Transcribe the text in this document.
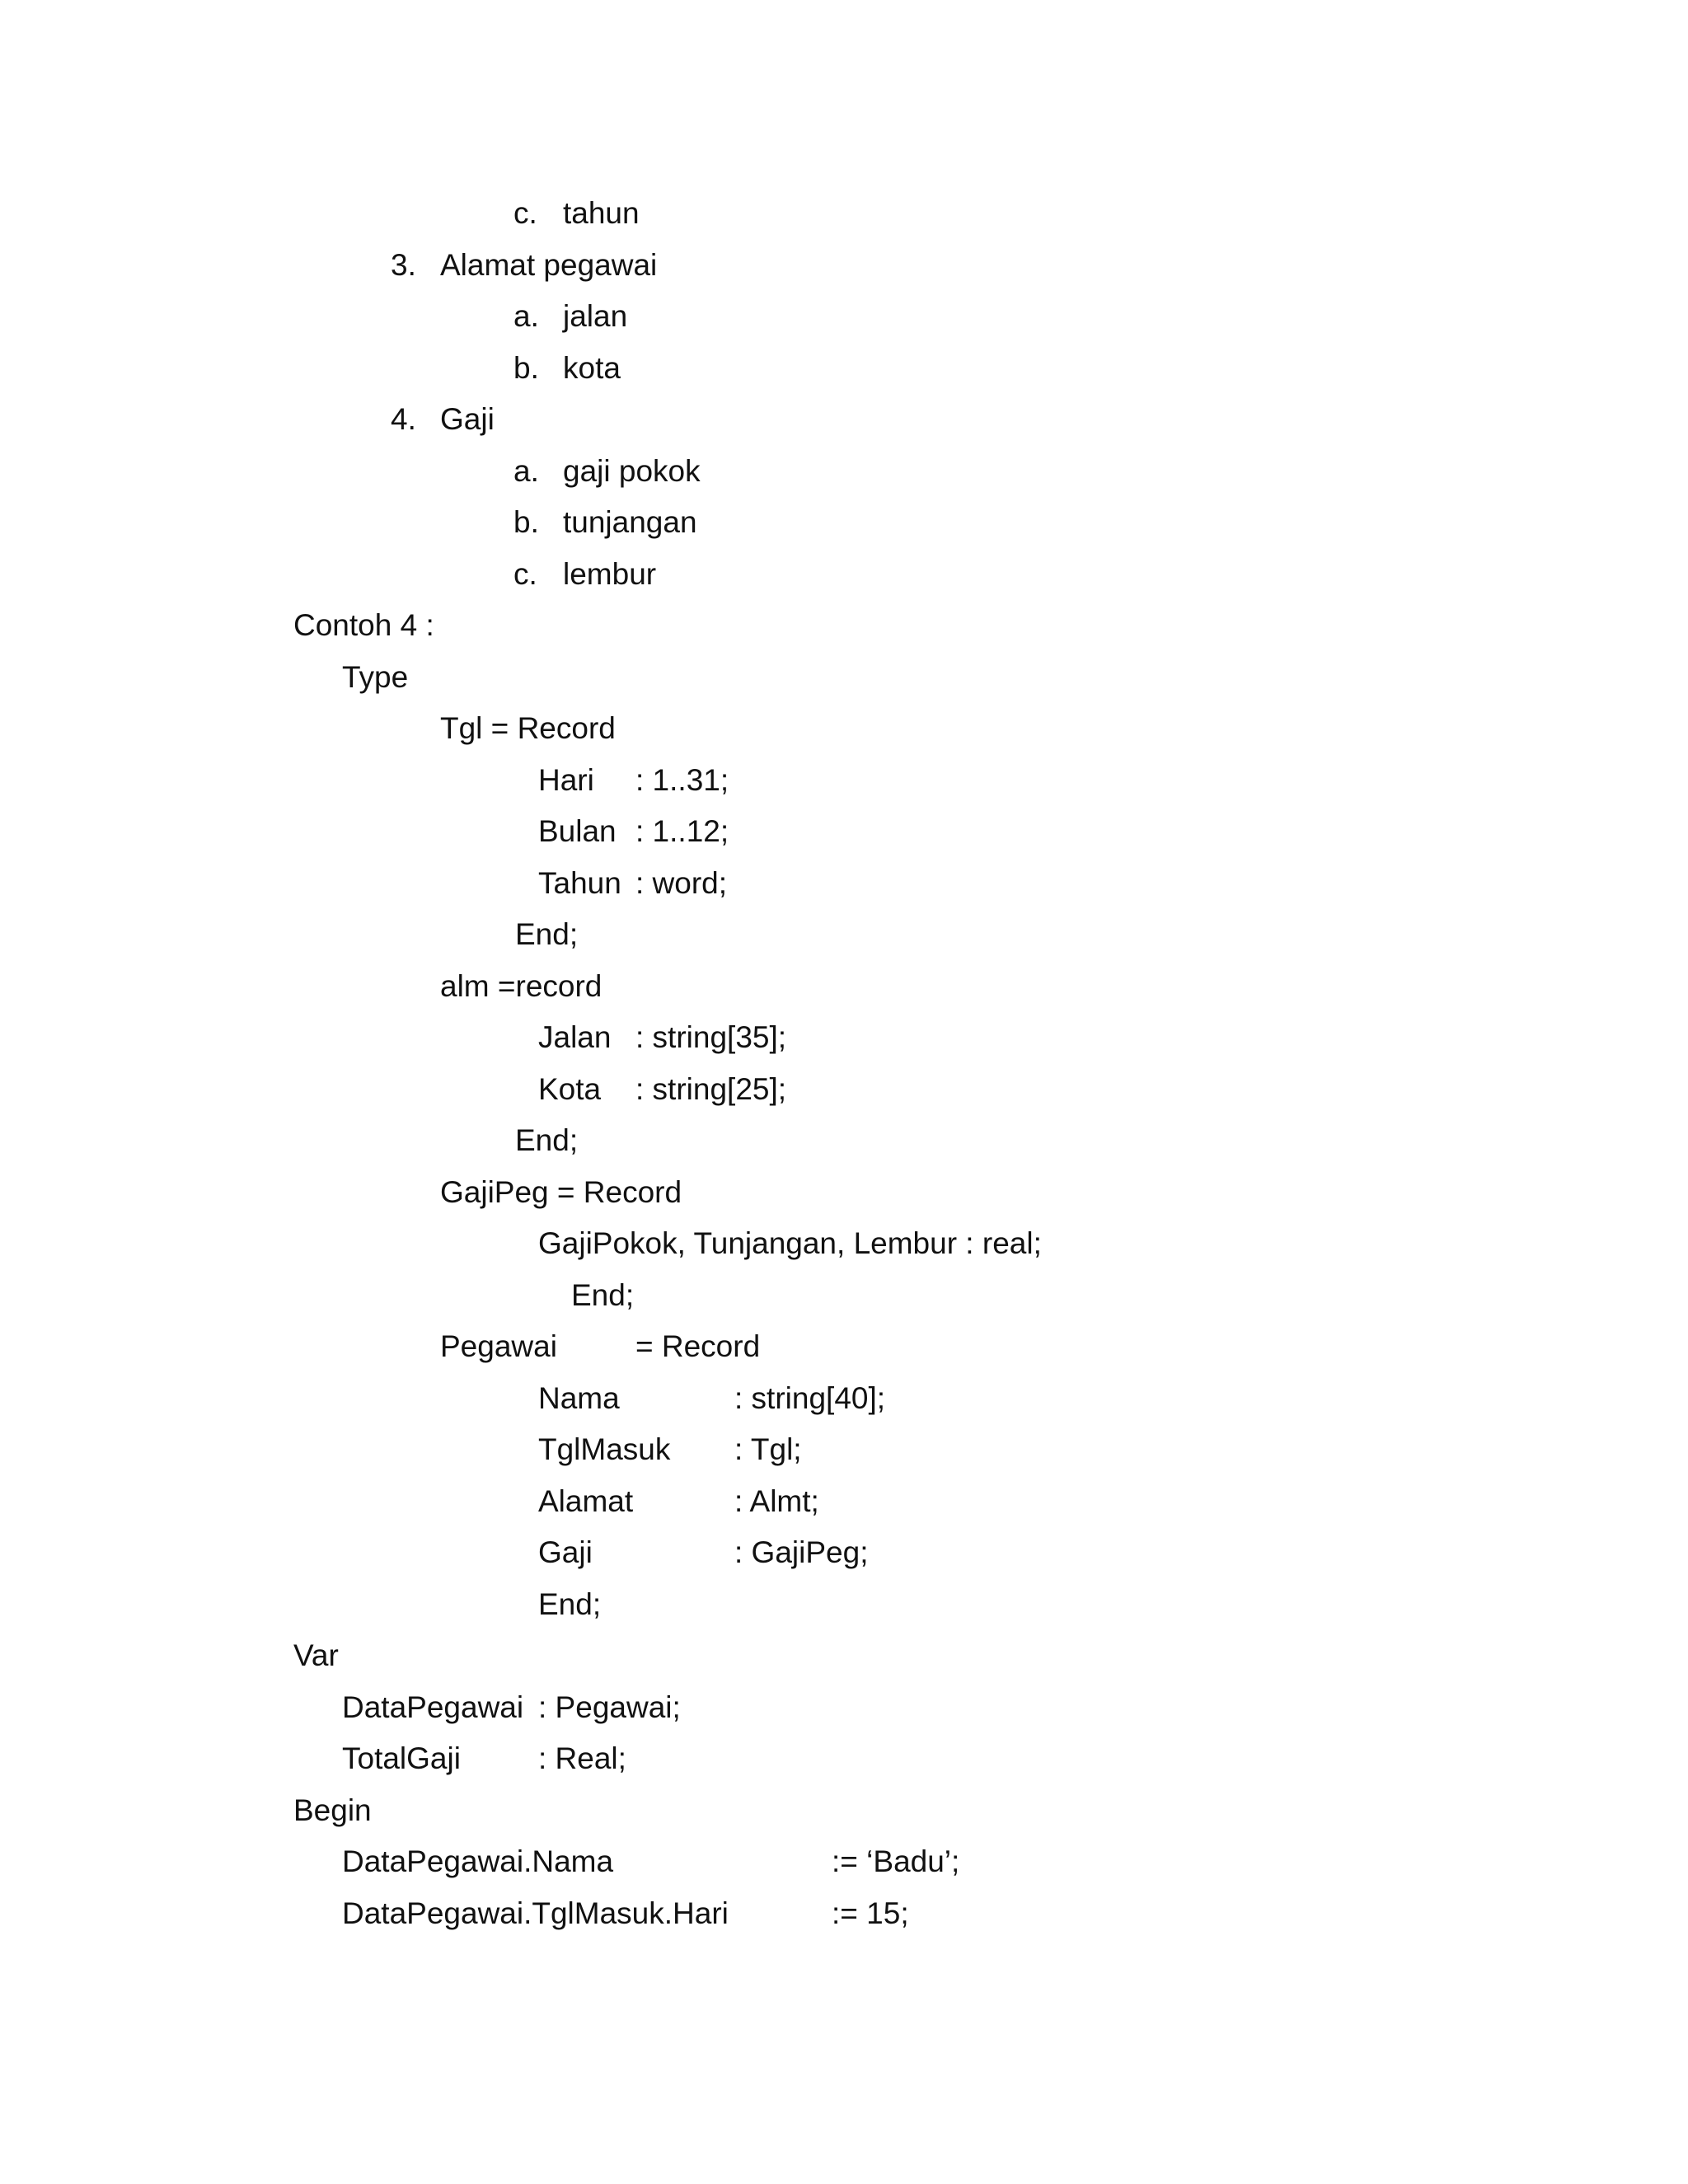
c. tahun
3. Alamat pegawai
a. jalan
b. kota
4. Gaji
a. gaji pokok
b. tunjangan
c. lembur
Contoh 4 :
Type
Tgl = Record
Hari : 1..31;
Bulan : 1..12;
Tahun : word;
End;
alm =record
Jalan : string[35];
Kota : string[25];
End;
GajiPeg = Record
GajiPokok, Tunjangan, Lembur : real;
End;
Pegawai	= Record
Nama	: string[40];
TglMasuk : Tgl;
Alamat	: Almt;
Gaji	: GajiPeg;
End;
Var
DataPegawai : Pegawai;
TotalGaji	: Real;
Begin
DataPegawai.Nama	:= ‘Badu’;
DataPegawai.TglMasuk.Hari	:= 15;
